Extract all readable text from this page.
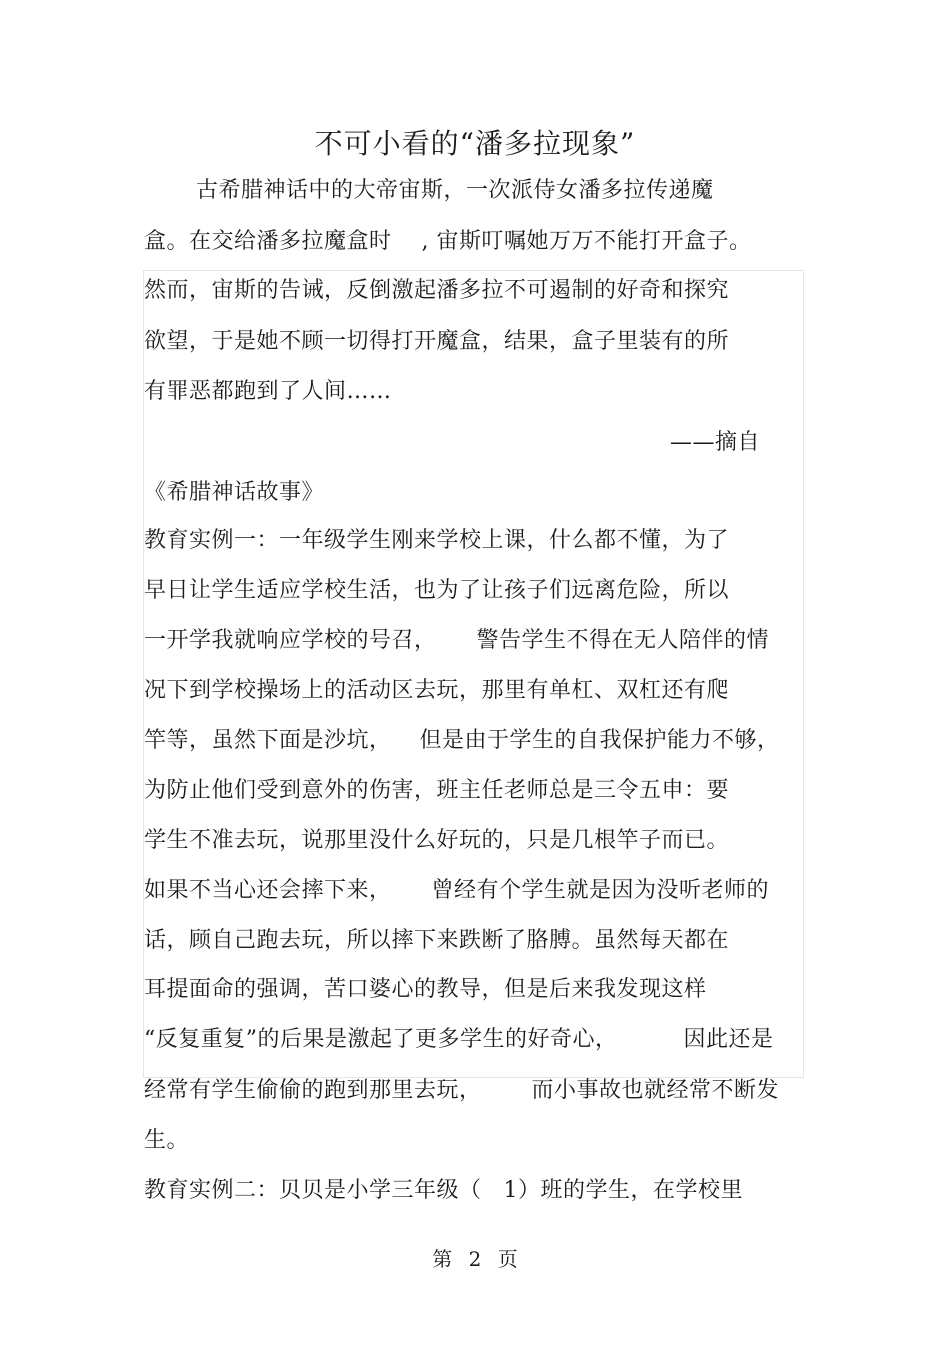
不可小看的“潘多拉现象”
古希腊神话中的大帝宙斯，一次派侍女潘多拉传递魔
盒。在交给潘多拉魔盒时 , 宙斯叮嘱她万万不能打开盒子。
然而，宙斯的告诫，反倒激起潘多拉不可遏制的好奇和探究
欲望，于是她不顾一切得打开魔盒，结果，盒子里装有的所
有罪恶都跑到了人间……
——摘自
《希腊神话故事》
教育实例一：一年级学生刚来学校上课，什么都不懂，为了
早日让学生适应学校生活，也为了让孩子们远离危险，所以
一开学我就响应学校的号召， 警告学生不得在无人陪伴的情
况下到学校操场上的活动区去玩，那里有单杠、双杠还有爬
竿等，虽然下面是沙坑， 但是由于学生的自我保护能力不够，
为防止他们受到意外的伤害，班主任老师总是三令五申：要
学生不准去玩，说那里没什么好玩的，只是几根竿子而已。
如果不当心还会摔下来， 曾经有个学生就是因为没听老师的
话，顾自己跑去玩，所以摔下来跌断了胳膊。虽然每天都在
耳提面命的强调，苦口婆心的教导，但是后来我发现这样
“反复重复”的后果是激起了更多学生的好奇心，	因此还是
经常有学生偷偷的跑到那里去玩， 而小事故也就经常不断发
生。
教育实例二：贝贝是小学三年级（ 1）班的学生，在学校里
第 2 页
